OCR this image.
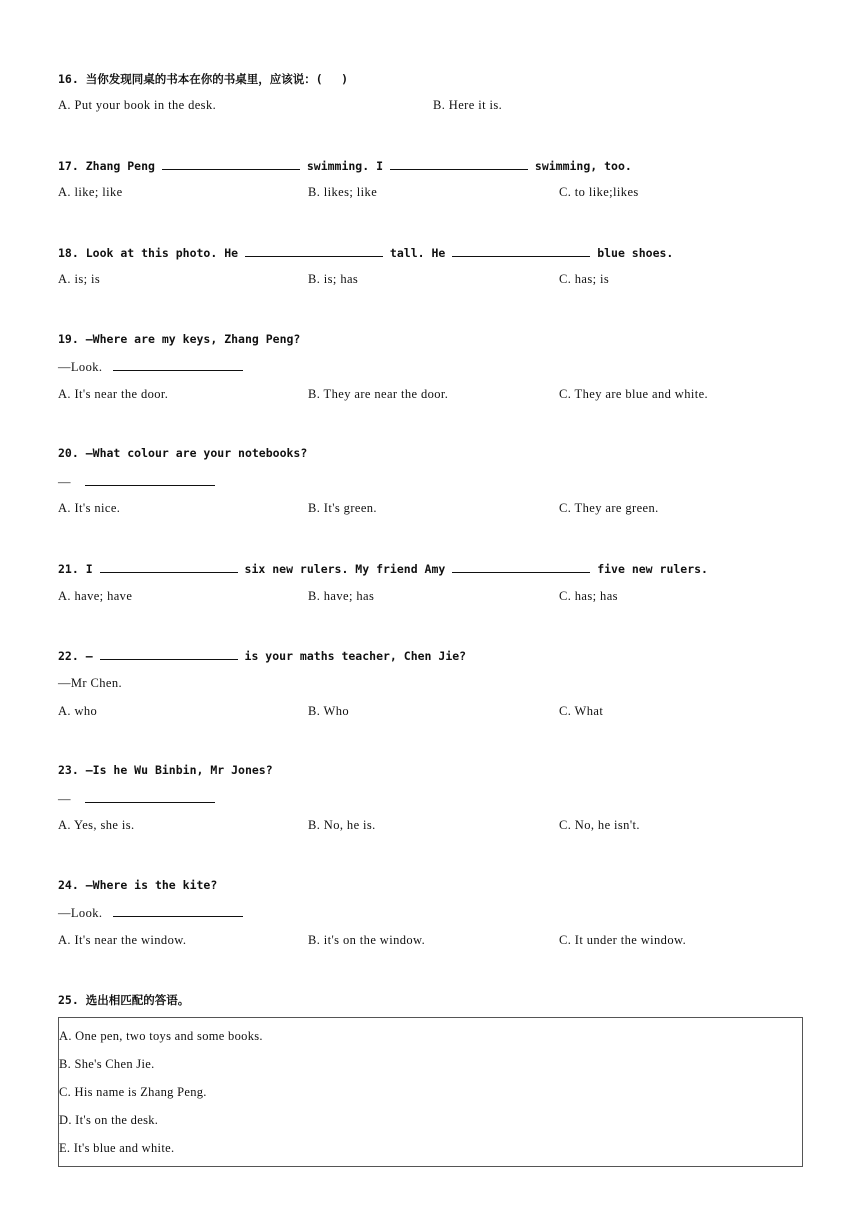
16. 当你发现同桌的书本在你的书桌里，应该说：(　 )
A. Put your book in the desk.	B. Here it is.
17. Zhang Peng	swimming. I	swimming, too.
A. like; like	B. likes; like	C. to like;likes
18. Look at this photo. He	tall. He	blue shoes.
A. is; is	B. is; has	C. has; is
19. —Where are my keys, Zhang Peng?
—Look.
A. It's near the door.	B. They are near the door.	C. They are blue and white.
20. —What colour are your notebooks?
—
A. It's nice.	B. It's green.	C. They are green.
21. I	six new rulers. My friend Amy	five new rulers.
A. have; have	B. have; has	C. has; has
22. —	is your maths teacher, Chen Jie?
—Mr Chen.
A. who	B. Who	C. What
23. —Is he Wu Binbin, Mr Jones?
—
A. Yes, she is.	B. No, he is.	C. No, he isn't.
24. —Where is the kite?
—Look.
A. It's near the window.	B. it's on the window.	C. It under the window.
25. 选出相匹配的答语。
A. One pen, two toys and some books.
B. She's Chen Jie.
C. His name is Zhang Peng.
D. It's on the desk.
E. It's blue and white.
